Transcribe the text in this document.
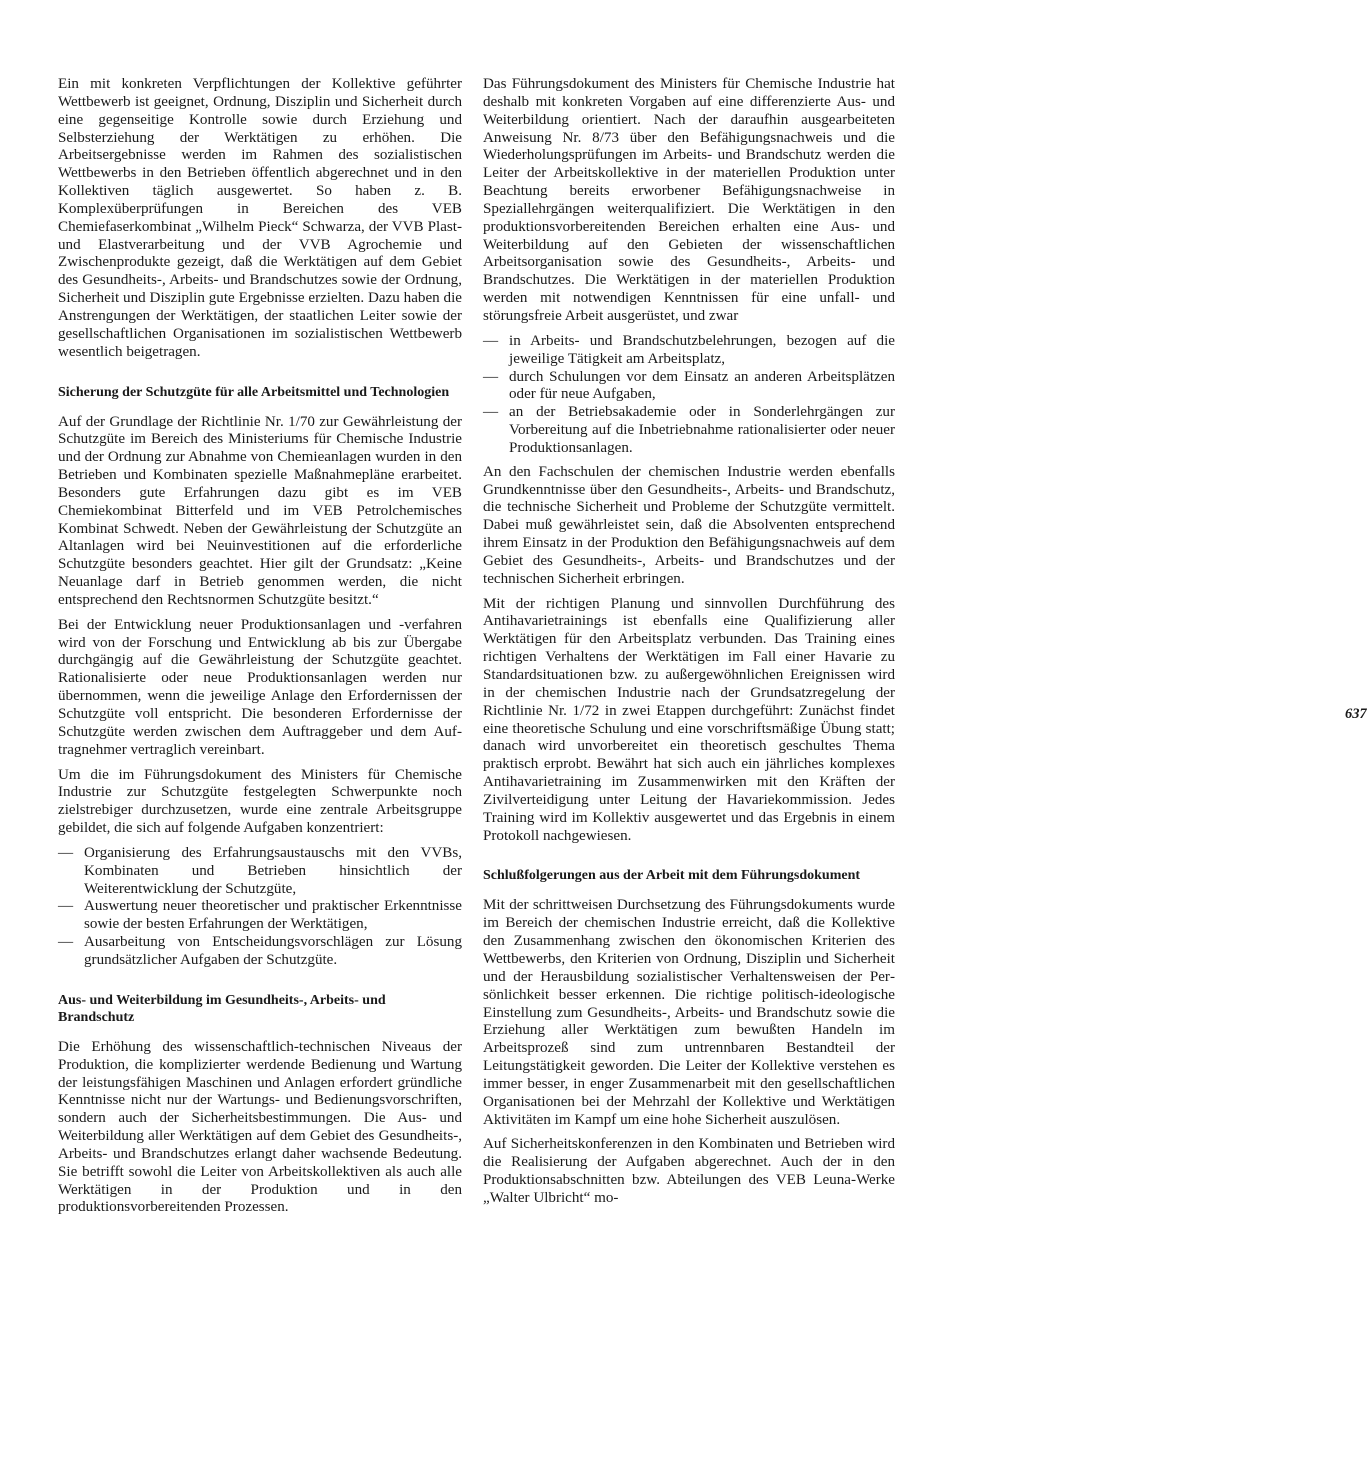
Ein mit konkreten Verpflichtungen der Kollektive geführter Wettbewerb ist geeignet, Ordnung, Disziplin und Sicherheit durch eine gegenseitige Kontrolle sowie durch Erziehung und Selbsterziehung der Werktätigen zu erhöhen. Die Arbeitsergebnisse werden im Rahmen des sozialistischen Wettbewerbs in den Betrieben öffentlich abgerechnet und in den Kollektiven täglich ausgewertet. So haben z. B. Komplexüberprüfungen in Bereichen des VEB Chemiefaserkombinat „Wilhelm Pieck“ Schwarza, der VVB Plast- und Elastverarbeitung und der VVB Agrochemie und Zwischenprodukte gezeigt, daß die Werktätigen auf dem Gebiet des Gesundheits-, Arbeits- und Brandschutzes sowie der Ordnung, Sicherheit und Disziplin gute Ergebnisse erzielten. Dazu haben die Anstrengungen der Werktätigen, der staatlichen Leiter sowie der gesellschaftlichen Organisationen im sozialistischen Wettbewerb wesentlich beigetragen.

Sicherung der Schutzgüte für alle Arbeitsmittel und Technologien

Auf der Grundlage der Richtlinie Nr. 1/70 zur Gewährleistung der Schutzgüte im Bereich des Ministeriums für Chemische Industrie und der Ordnung zur Abnahme von Chemieanlagen wurden in den Betrieben und Kombinaten spezielle Maßnahmepläne erarbeitet. Besonders gute Erfahrungen dazu gibt es im VEB Chemiekombinat Bitterfeld und im VEB Petrolchemisches Kombinat Schwedt. Neben der Gewährleistung der Schutzgüte an Altanlagen wird bei Neuinvestitionen auf die erforderliche Schutzgüte besonders geachtet. Hier gilt der Grundsatz: „Keine Neuanlage darf in Betrieb genommen werden, die nicht entsprechend den Rechtsnormen Schutzgüte besitzt.“

Bei der Entwicklung neuer Produktionsanlagen und -verfahren wird von der Forschung und Entwicklung ab bis zur Übergabe durchgängig auf die Gewährleistung der Schutzgüte geachtet. Rationalisierte oder neue Produktionsanlagen werden nur übernommen, wenn die jeweilige Anlage den Erfordernissen der Schutzgüte voll entspricht. Die besonderen Erfordernisse der Schutzgüte werden zwischen dem Auftraggeber und dem Auftragnehmer vertraglich vereinbart.

Um die im Führungsdokument des Ministers für Chemische Industrie zur Schutzgüte festgelegten Schwerpunkte noch zielstrebiger durchzusetzen, wurde eine zentrale Arbeitsgruppe gebildet, die sich auf folgende Aufgaben konzentriert:

— Organisierung des Erfahrungsaustauschs mit den VVBs, Kombinaten und Betrieben hinsichtlich der Weiterentwicklung der Schutzgüte,
— Auswertung neuer theoretischer und praktischer Erkenntnisse sowie der besten Erfahrungen der Werktätigen,
— Ausarbeitung von Entscheidungsvorschlägen zur Lösung grundsätzlicher Aufgaben der Schutzgüte.
Aus- und Weiterbildung im Gesundheits-, Arbeits- und Brandschutz

Die Erhöhung des wissenschaftlich-technischen Niveaus der Produktion, die komplizierter werdende Bedienung und Wartung der leistungsfähigen Maschinen und Anlagen erfordert gründliche Kenntnisse nicht nur der Wartungs- und Bedienungsvorschriften, sondern auch der Sicherheitsbestimmungen. Die Aus- und Weiterbildung aller Werktätigen auf dem Gebiet des Gesundheits-, Arbeits- und Brandschutzes erlangt daher wachsende Bedeutung. Sie betrifft sowohl die Leiter von Arbeitskollektiven als auch alle Werktätigen in der Produktion und in den produktionsvorbereitenden Prozessen.

Das Führungsdokument des Ministers für Chemische Industrie hat deshalb mit konkreten Vorgaben auf eine differenzierte Aus- und Weiterbildung orientiert. Nach der daraufhin ausgearbeiteten Anweisung Nr. 8/73 über den Befähigungsnachweis und die Wiederholungsprüfungen im Arbeits- und Brandschutz werden die Leiter der Arbeitskollektive in der materiellen Produktion unter Beachtung bereits erworbener Befähigungsnachweise in Speziallehrgängen weiterqualifiziert. Die Werktätigen in den produktionsvorbereitenden Bereichen erhalten eine Aus- und Weiterbildung auf den Gebieten der wissenschaftlichen Arbeitsorganisation sowie des Gesundheits-, Arbeits- und Brandschutzes. Die Werktätigen in der materiellen Produktion werden mit notwendigen Kenntnissen für eine unfall- und störungsfreie Arbeit ausgerüstet, und zwar

— in Arbeits- und Brandschutzbelehrungen, bezogen auf die jeweilige Tätigkeit am Arbeitsplatz,
— durch Schulungen vor dem Einsatz an anderen Arbeitsplätzen oder für neue Aufgaben,
— an der Betriebsakademie oder in Sonderlehrgängen zur Vorbereitung auf die Inbetriebnahme rationalisierter oder neuer Produktionsanlagen.

An den Fachschulen der chemischen Industrie werden ebenfalls Grundkenntnisse über den Gesundheits-, Arbeits- und Brandschutz, die technische Sicherheit und Probleme der Schutzgüte vermittelt. Dabei muß gewährleistet sein, daß die Absolventen entsprechend ihrem Einsatz in der Produktion den Befähigungsnachweis auf dem Gebiet des Gesundheits-, Arbeits- und Brandschutzes und der technischen Sicherheit erbringen.

Mit der richtigen Planung und sinnvollen Durchführung des Antihavarietrainings ist ebenfalls eine Qualifizierung aller Werktätigen für den Arbeitsplatz verbunden. Das Training eines richtigen Verhaltens der Werktätigen im Fall einer Havarie zu Standardsituationen bzw. zu außergewöhnlichen Ereignissen wird in der chemischen Industrie nach der Grundsatzregelung der Richtlinie Nr. 1/72 in zwei Etappen durchgeführt: Zunächst findet eine theoretische Schulung und eine vorschriftsmäßige Übung statt; danach wird unvorbereitet ein theoretisch geschultes Thema praktisch erprobt. Bewährt hat sich auch ein jährliches komplexes Antihavarietraining im Zusammenwirken mit den Kräften der Zivilverteidigung unter Leitung der Havariekommission. Jedes Training wird im Kollektiv ausgewertet und das Ergebnis in einem Protokoll nachgewiesen.

Schlußfolgerungen aus der Arbeit mit dem Führungsdokument

Mit der schrittweisen Durchsetzung des Führungsdokuments wurde im Bereich der chemischen Industrie erreicht, daß die Kollektive den Zusammenhang zwischen den ökonomischen Kriterien des Wettbewerbs, den Kriterien von Ordnung, Disziplin und Sicherheit und der Herausbildung sozialistischer Verhaltensweisen der Persönlichkeit besser erkennen. Die richtige politisch-ideologische Einstellung zum Gesundheits-, Arbeits- und Brandschutz sowie die Erziehung aller Werktätigen zum bewußten Handeln im Arbeitsprozeß sind zum untrennbaren Bestandteil der Leitungstätigkeit geworden. Die Leiter der Kollektive verstehen es immer besser, in enger Zusammenarbeit mit den gesellschaftlichen Organisationen bei der Mehrzahl der Kollektive und Werktätigen Aktivitäten im Kampf um eine hohe Sicherheit auszulösen.

Auf Sicherheitskonferenzen in den Kombinaten und Betrieben wird die Realisierung der Aufgaben abgerechnet. Auch der in den Produktionsabschnitten bzw. Abteilungen des VEB Leuna-Werke „Walter Ulbricht“ mo-

637
